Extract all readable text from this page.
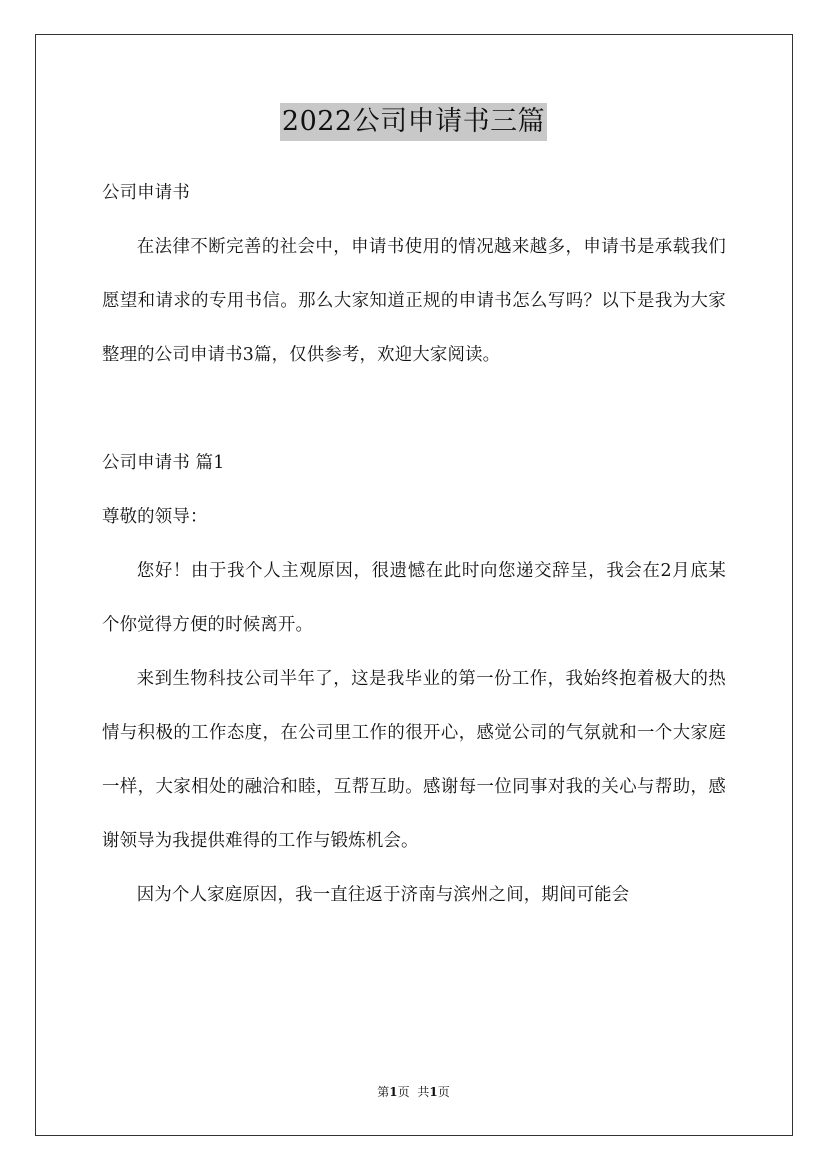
2022公司申请书三篇

公司申请书

在法律不断完善的社会中，申请书使用的情况越来越多，申请书是承载我们愿望和请求的专用书信。那么大家知道正规的申请书怎么写吗？以下是我为大家整理的公司申请书3篇，仅供参考，欢迎大家阅读。

公司申请书 篇1

尊敬的领导：

您好！由于我个人主观原因，很遗憾在此时向您递交辞呈，我会在2月底某个你觉得方便的时候离开。

来到生物科技公司半年了，这是我毕业的第一份工作，我始终抱着极大的热情与积极的工作态度，在公司里工作的很开心，感觉公司的气氛就和一个大家庭一样，大家相处的融洽和睦，互帮互助。感谢每一位同事对我的关心与帮助，感谢领导为我提供难得的工作与锻炼机会。

因为个人家庭原因，我一直往返于济南与滨州之间，期间可能会

第1页 共1页
